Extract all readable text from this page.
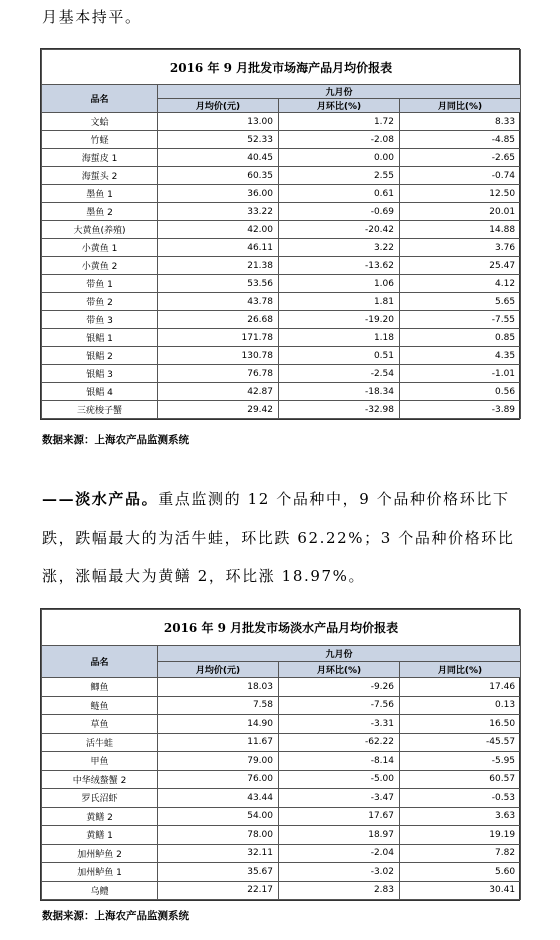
月基本持平。
2016 年 9 月批发市场海产品月均价报表			
品名	九月份		
	月均价(元)	月环比(%)	月同比(%)
文蛤	13.00	1.72	8.33
竹蛏	52.33	-2.08	-4.85
海蜇皮 1	40.45	0.00	-2.65
海蜇头 2	60.35	2.55	-0.74
墨鱼 1	36.00	0.61	12.50
墨鱼 2	33.22	-0.69	20.01
大黄鱼(养殖)	42.00	-20.42	14.88
小黄鱼 1	46.11	3.22	3.76
小黄鱼 2	21.38	-13.62	25.47
带鱼 1	53.56	1.06	4.12
带鱼 2	43.78	1.81	5.65
带鱼 3	26.68	-19.20	-7.55
银鲳 1	171.78	1.18	0.85
银鲳 2	130.78	0.51	4.35
银鲳 3	76.78	-2.54	-1.01
银鲳 4	42.87	-18.34	0.56
三疣梭子蟹	29.42	-32.98	-3.89
数据来源：上海农产品监测系统
——淡水产品。重点监测的 12 个品种中，9 个品种价格环比下跌，跌幅最大的为活牛蛙，环比跌 62.22%；3 个品种价格环比涨，涨幅最大为黄鳝 2，环比涨 18.97%。
2016 年 9 月批发市场淡水产品月均价报表			
品名	九月份		
	月均价(元)	月环比(%)	月同比(%)
鲫鱼	18.03	-9.26	17.46
鲢鱼	7.58	-7.56	0.13
草鱼	14.90	-3.31	16.50
活牛蛙	11.67	-62.22	-45.57
甲鱼	79.00	-8.14	-5.95
中华绒螯蟹 2	76.00	-5.00	60.57
罗氏沼虾	43.44	-3.47	-0.53
黄鳝 2	54.00	17.67	3.63
黄鳝 1	78.00	18.97	19.19
加州鲈鱼 2	32.11	-2.04	7.82
加州鲈鱼 1	35.67	-3.02	5.60
乌鳢	22.17	2.83	30.41
数据来源：上海农产品监测系统
